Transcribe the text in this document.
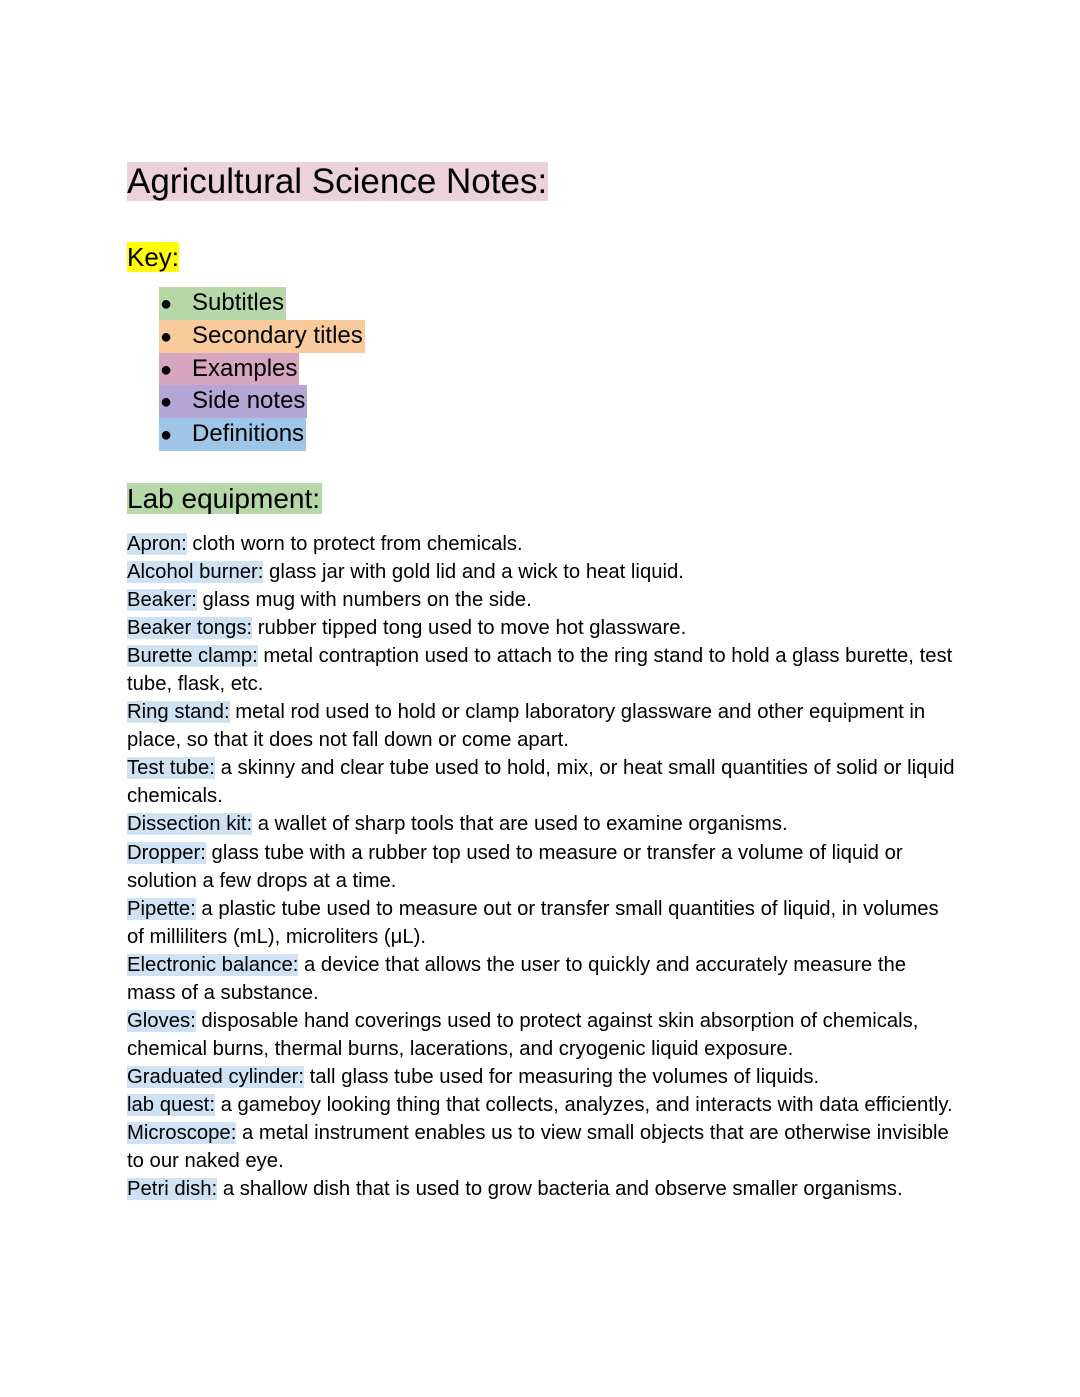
Agricultural Science Notes:
Key:
● Subtitles
● Secondary titles
● Examples
● Side notes
● Definitions
Lab equipment:

Apron: cloth worn to protect from chemicals.

Alcohol burner: glass jar with gold lid and a wick to heat liquid.

Beaker: glass mug with numbers on the side.

Beaker tongs: rubber tipped tong used to move hot glassware.

Burette clamp: metal contraption used to attach to the ring stand to hold a glass burette, test tube, flask, etc.

Ring stand: metal rod used to hold or clamp laboratory glassware and other equipment in place, so that it does not fall down or come apart.

Test tube: a skinny and clear tube used to hold, mix, or heat small quantities of solid or liquid chemicals.

Dissection kit: a wallet of sharp tools that are used to examine organisms.

Dropper: glass tube with a rubber top used to measure or transfer a volume of liquid or solution a few drops at a time.

Pipette: a plastic tube used to measure out or transfer small quantities of liquid, in volumes of milliliters (mL), microliters (μL).

Electronic balance: a device that allows the user to quickly and accurately measure the mass of a substance.

Gloves: disposable hand coverings used to protect against skin absorption of chemicals, chemical burns, thermal burns, lacerations, and cryogenic liquid exposure.

Graduated cylinder: tall glass tube used for measuring the volumes of liquids.

lab quest: a gameboy looking thing that collects, analyzes, and interacts with data efficiently.

Microscope: a metal instrument enables us to view small objects that are otherwise invisible to our naked eye.

Petri dish: a shallow dish that is used to grow bacteria and observe smaller organisms.
